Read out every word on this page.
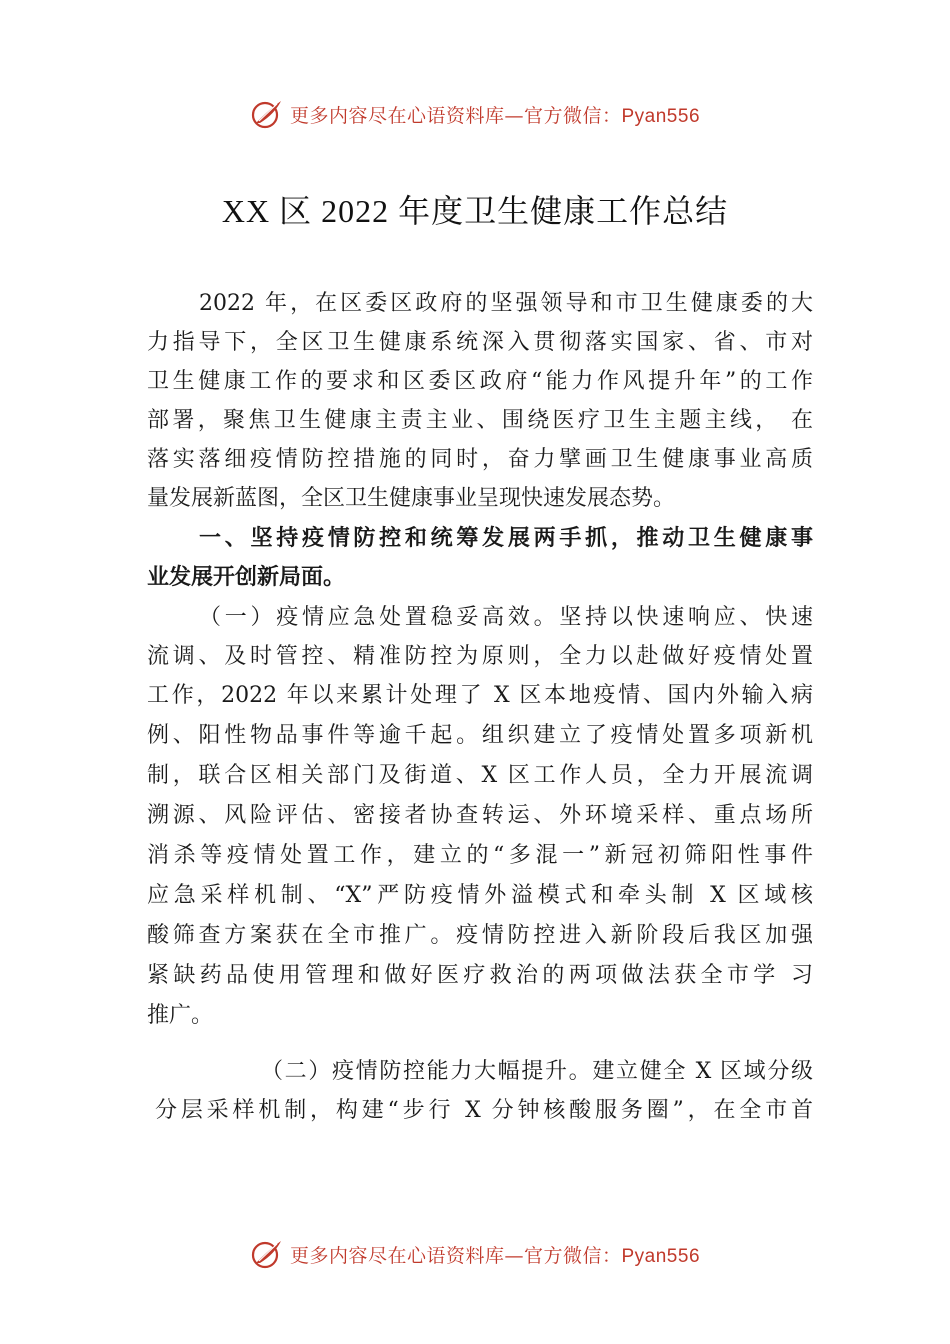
更多内容尽在心语资料库—官方微信：Pyan556
XX 区 2022 年度卫生健康工作总结
2022 年，在区委区政府的坚强领导和市卫生健康委的大
力指导下，全区卫生健康系统深入贯彻落实国家、省、市对
卫生健康工作的要求和区委区政府“能力作风提升年”的工作
部署，聚焦卫生健康主责主业、围绕医疗卫生主题主线， 在
落实落细疫情防控措施的同时，奋力擘画卫生健康事业高质
量发展新蓝图，全区卫生健康事业呈现快速发展态势。
一、坚持疫情防控和统筹发展两手抓，推动卫生健康事
业发展开创新局面。
（一）疫情应急处置稳妥高效。坚持以快速响应、快速
流调、及时管控、精准防控为原则，全力以赴做好疫情处置
工作，2022 年以来累计处理了 X 区本地疫情、国内外输入病
例、阳性物品事件等逾千起。组织建立了疫情处置多项新机
制，联合区相关部门及街道、X 区工作人员，全力开展流调
溯源、风险评估、密接者协查转运、外环境采样、重点场所
消杀等疫情处置工作，建立的“多混一”新冠初筛阳性事件
应急采样机制、“X”严防疫情外溢模式和牵头制 X 区域核
酸筛查方案获在全市推广。疫情防控进入新阶段后我区加强
紧缺药品使用管理和做好医疗救治的两项做法获全市学 习
推广。
（二）疫情防控能力大幅提升。建立健全 X 区域分级
分层采样机制，构建“步行 X 分钟核酸服务圈”，在全市首
更多内容尽在心语资料库—官方微信：Pyan556
